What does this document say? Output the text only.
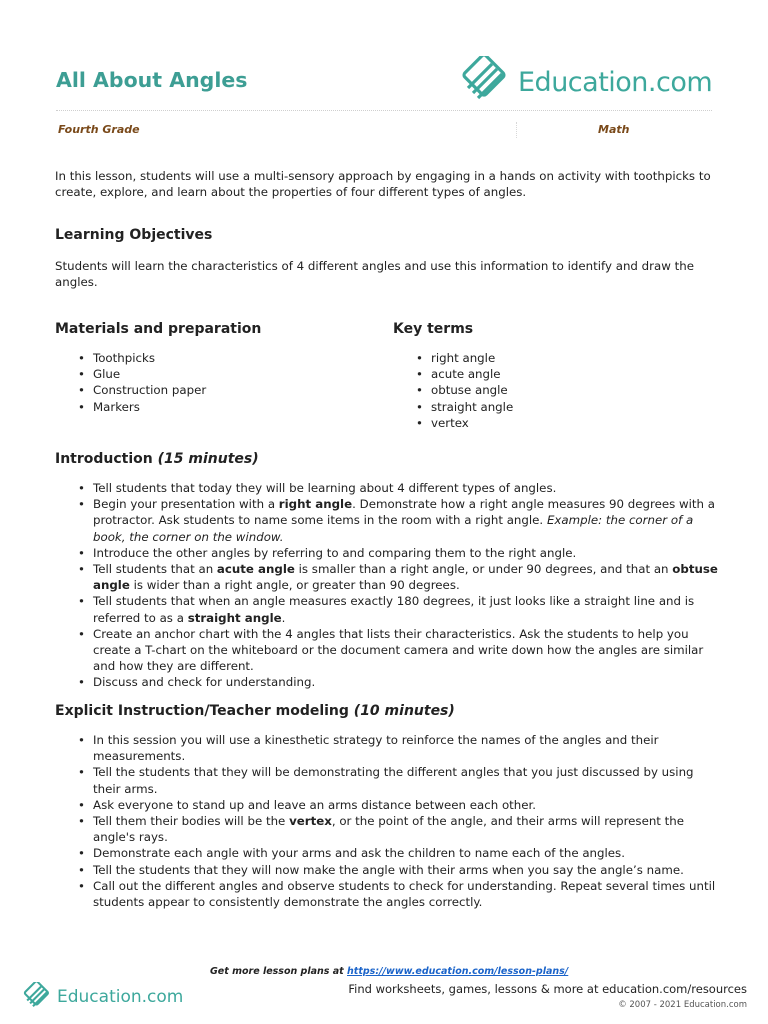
All About Angles	Education.com
Fourth Grade	Math

In this lesson, students will use a multi-sensory approach by engaging in a hands on activity with toothpicks to create, explore, and learn about the properties of four different types of angles.

Learning Objectives

Students will learn the characteristics of 4 different angles and use this information to identify and draw the angles.

Materials and preparation
• Toothpicks
• Glue
• Construction paper
• Markers
Key terms
• right angle
• acute angle
• obtuse angle
• straight angle
• vertex
Introduction (15 minutes)
• Tell students that today they will be learning about 4 different types of angles.
• Begin your presentation with a right angle. Demonstrate how a right angle measures 90 degrees with a protractor. Ask students to name some items in the room with a right angle. Example: the corner of a book, the corner on the window.
• Introduce the other angles by referring to and comparing them to the right angle.
• Tell students that an acute angle is smaller than a right angle, or under 90 degrees, and that an obtuse angle is wider than a right angle, or greater than 90 degrees.
• Tell students that when an angle measures exactly 180 degrees, it just looks like a straight line and is referred to as a straight angle.
• Create an anchor chart with the 4 angles that lists their characteristics. Ask the students to help you create a T-chart on the whiteboard or the document camera and write down how the angles are similar and how they are different.
• Discuss and check for understanding.
Explicit Instruction/Teacher modeling (10 minutes)
• In this session you will use a kinesthetic strategy to reinforce the names of the angles and their measurements.
• Tell the students that they will be demonstrating the different angles that you just discussed by using their arms.
• Ask everyone to stand up and leave an arms distance between each other.
• Tell them their bodies will be the vertex, or the point of the angle, and their arms will represent the angle's rays.
• Demonstrate each angle with your arms and ask the children to name each of the angles.
• Tell the students that they will now make the angle with their arms when you say the angle’s name.
• Call out the different angles and observe students to check for understanding. Repeat several times until students appear to consistently demonstrate the angles correctly.
Get more lesson plans at https://www.education.com/lesson-plans/
Education.com	Find worksheets, games, lessons & more at education.com/resources
© 2007 - 2021 Education.com
